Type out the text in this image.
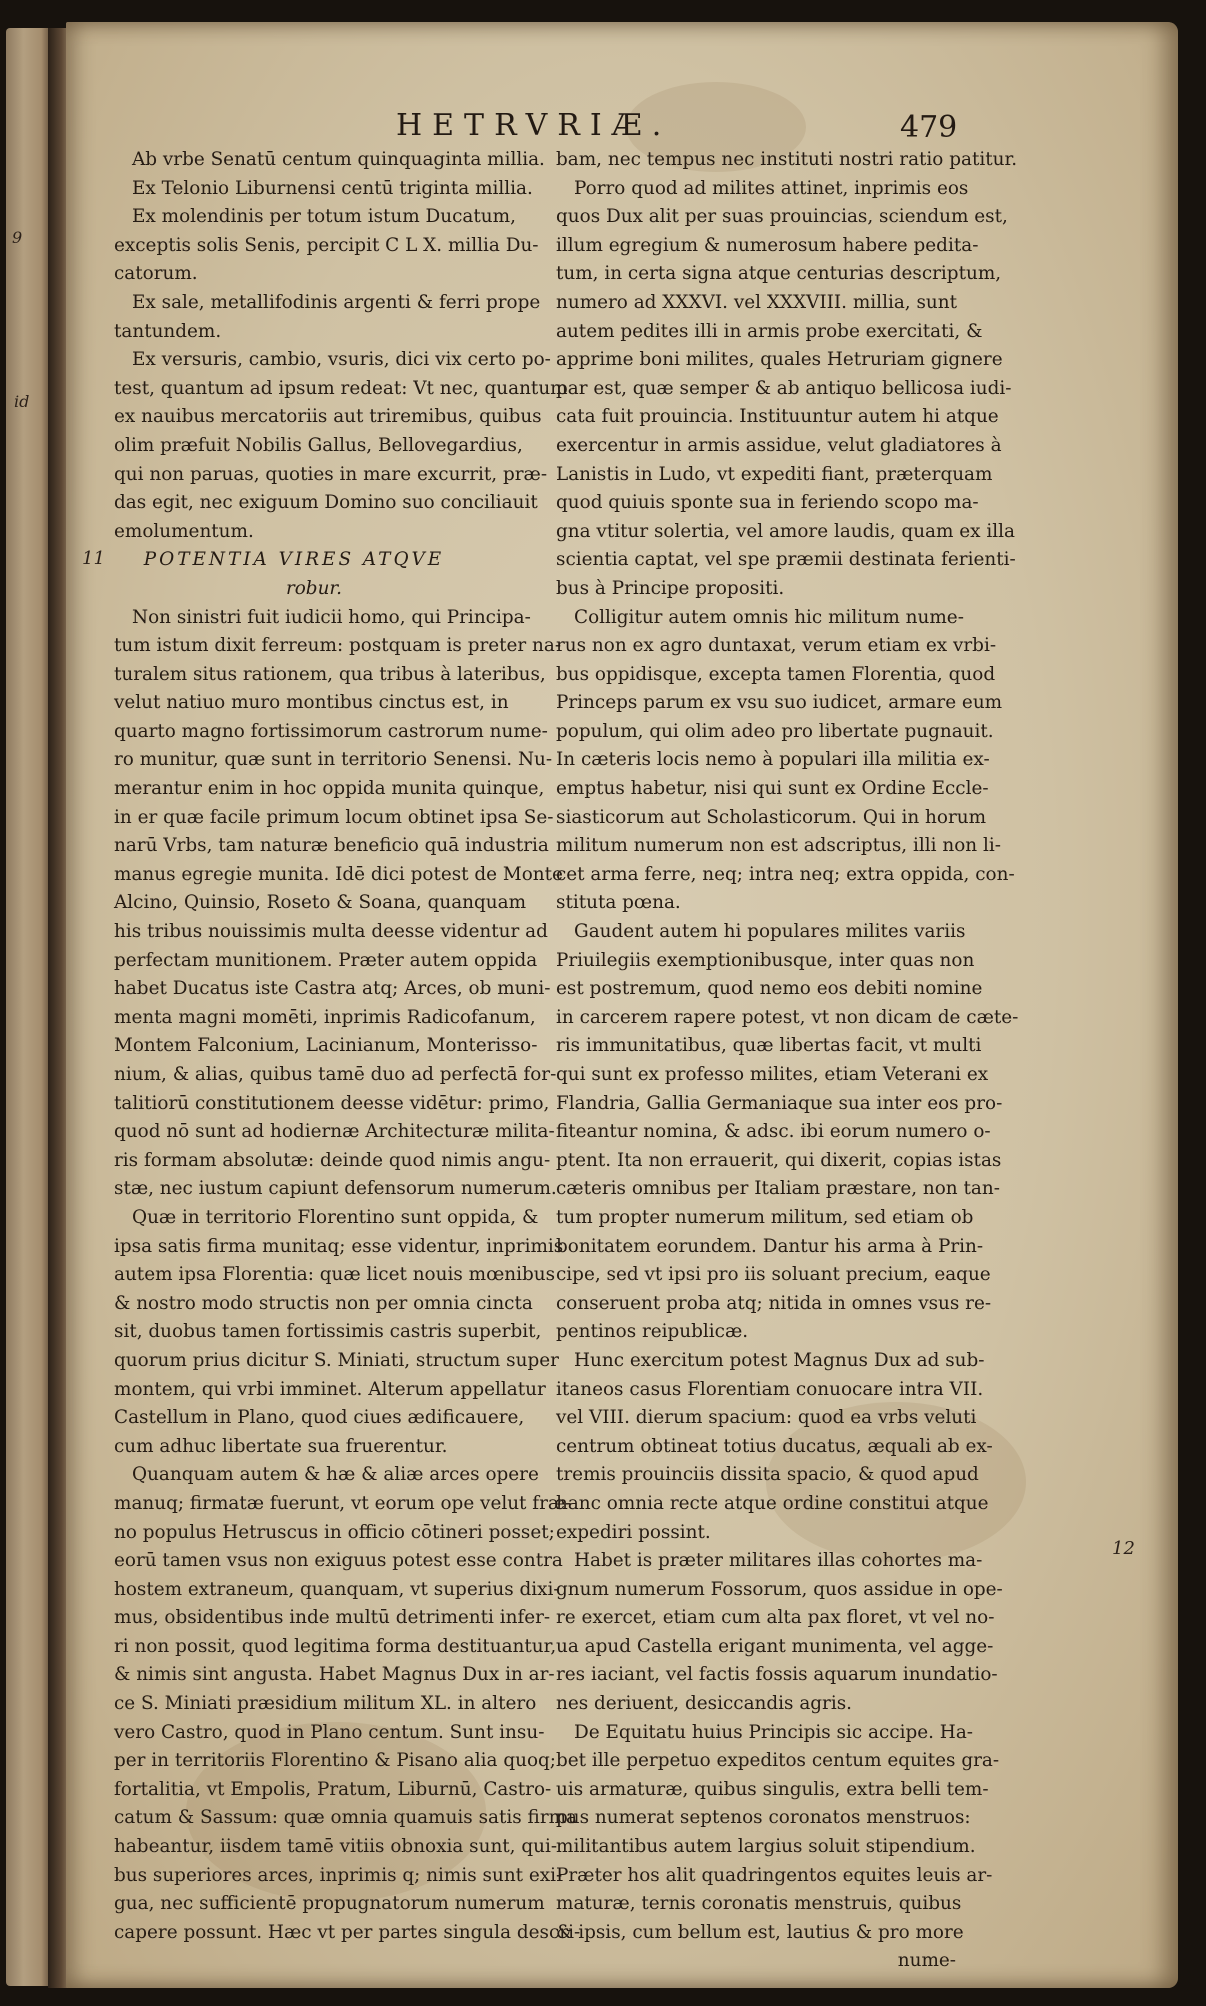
9
id
11
12
HETRVRIÆ.	479
Ab vrbe Senatū centum quinquaginta millia.
Ex Telonio Liburnensi centū triginta millia.
Ex molendinis per totum istum Ducatum,
exceptis solis Senis, percipit C L X. millia Du-
catorum.
Ex sale, metallifodinis argenti & ferri prope
tantundem.
Ex versuris, cambio, vsuris, dici vix certo po-
test, quantum ad ipsum redeat: Vt nec, quantum
ex nauibus mercatoriis aut triremibus, quibus
olim præfuit Nobilis Gallus, Bellovegardius,
qui non paruas, quoties in mare excurrit, præ-
das egit, nec exiguum Domino suo conciliauit
emolumentum.
POTENTIA VIRES ATQVE
robur.
Non sinistri fuit iudicii homo, qui Principa-
tum istum dixit ferreum: postquam is preter na-
turalem situs rationem, qua tribus à lateribus,
velut natiuo muro montibus cinctus est, in
quarto magno fortissimorum castrorum nume-
ro munitur, quæ sunt in territorio Senensi. Nu-
merantur enim in hoc oppida munita quinque,
in er quæ facile primum locum obtinet ipsa Se-
narū Vrbs, tam naturæ beneficio quā industria
manus egregie munita. Idē dici potest de Monte
Alcino, Quinsio, Roseto & Soana, quanquam
his tribus nouissimis multa deesse videntur ad
perfectam munitionem. Præter autem oppida
habet Ducatus iste Castra atq; Arces, ob muni-
menta magni momēti, inprimis Radicofanum,
Montem Falconium, Lacinianum, Monterisso-
nium, & alias, quibus tamē duo ad perfectā for-
talitiorū constitutionem deesse vidētur: primo,
quod nō sunt ad hodiernæ Architecturæ milita-
ris formam absolutæ: deinde quod nimis angu-
stæ, nec iustum capiunt defensorum numerum.
Quæ in territorio Florentino sunt oppida, &
ipsa satis firma munitaq; esse videntur, inprimis
autem ipsa Florentia: quæ licet nouis mœnibus
& nostro modo structis non per omnia cincta
sit, duobus tamen fortissimis castris superbit,
quorum prius dicitur S. Miniati, structum super
montem, qui vrbi imminet. Alterum appellatur
Castellum in Plano, quod ciues ædificauere,
cum adhuc libertate sua fruerentur.
Quanquam autem & hæ & aliæ arces opere
manuq; firmatæ fuerunt, vt eorum ope velut fræ-
no populus Hetruscus in officio cōtineri posset;
eorū tamen vsus non exiguus potest esse contra
hostem extraneum, quanquam, vt superius dixi-
mus, obsidentibus inde multū detrimenti infer-
ri non possit, quod legitima forma destituantur,
& nimis sint angusta. Habet Magnus Dux in ar-
ce S. Miniati præsidium militum XL. in altero
vero Castro, quod in Plano centum. Sunt insu-
per in territoriis Florentino & Pisano alia quoq;
fortalitia, vt Empolis, Pratum, Liburnū, Castro-
catum & Sassum: quæ omnia quamuis satis firma
habeantur, iisdem tamē vitiis obnoxia sunt, qui-
bus superiores arces, inprimis q; nimis sunt exi-
gua, nec sufficientē propugnatorum numerum
capere possunt. Hæc vt per partes singula descri-
bam, nec tempus nec instituti nostri ratio patitur.
Porro quod ad milites attinet, inprimis eos
quos Dux alit per suas prouincias, sciendum est,
illum egregium & numerosum habere pedita-
tum, in certa signa atque centurias descriptum,
numero ad XXXVI. vel XXXVIII. millia, sunt
autem pedites illi in armis probe exercitati, &
apprime boni milites, quales Hetruriam gignere
par est, quæ semper & ab antiquo bellicosa iudi-
cata fuit prouincia. Instituuntur autem hi atque
exercentur in armis assidue, velut gladiatores à
Lanistis in Ludo, vt expediti fiant, præterquam
quod quiuis sponte sua in feriendo scopo ma-
gna vtitur solertia, vel amore laudis, quam ex illa
scientia captat, vel spe præmii destinata ferienti-
bus à Principe propositi.
Colligitur autem omnis hic militum nume-
rus non ex agro duntaxat, verum etiam ex vrbi-
bus oppidisque, excepta tamen Florentia, quod
Princeps parum ex vsu suo iudicet, armare eum
populum, qui olim adeo pro libertate pugnauit.
In cæteris locis nemo à populari illa militia ex-
emptus habetur, nisi qui sunt ex Ordine Eccle-
siasticorum aut Scholasticorum. Qui in horum
militum numerum non est adscriptus, illi non li-
cet arma ferre, neq; intra neq; extra oppida, con-
stituta pœna.
Gaudent autem hi populares milites variis
Priuilegiis exemptionibusque, inter quas non
est postremum, quod nemo eos debiti nomine
in carcerem rapere potest, vt non dicam de cæte-
ris immunitatibus, quæ libertas facit, vt multi
qui sunt ex professo milites, etiam Veterani ex
Flandria, Gallia Germaniaque sua inter eos pro-
fiteantur nomina, & adsc. ibi eorum numero o-
ptent. Ita non errauerit, qui dixerit, copias istas
cæteris omnibus per Italiam præstare, non tan-
tum propter numerum militum, sed etiam ob
bonitatem eorundem. Dantur his arma à Prin-
cipe, sed vt ipsi pro iis soluant precium, eaque
conseruent proba atq; nitida in omnes vsus re-
pentinos reipublicæ.
Hunc exercitum potest Magnus Dux ad sub-
itaneos casus Florentiam conuocare intra VII.
vel VIII. dierum spacium: quod ea vrbs veluti
centrum obtineat totius ducatus, æquali ab ex-
tremis prouinciis dissita spacio, & quod apud
hanc omnia recte atque ordine constitui atque
expediri possint.
Habet is præter militares illas cohortes ma-
gnum numerum Fossorum, quos assidue in ope-
re exercet, etiam cum alta pax floret, vt vel no-
ua apud Castella erigant munimenta, vel agge-
res iaciant, vel factis fossis aquarum inundatio-
nes deriuent, desiccandis agris.
De Equitatu huius Principis sic accipe. Ha-
bet ille perpetuo expeditos centum equites gra-
uis armaturæ, quibus singulis, extra belli tem-
pus numerat septenos coronatos menstruos:
militantibus autem largius soluit stipendium.
Præter hos alit quadringentos equites leuis ar-
maturæ, ternis coronatis menstruis, quibus
& ipsis, cum bellum est, lautius & pro more
nume-
